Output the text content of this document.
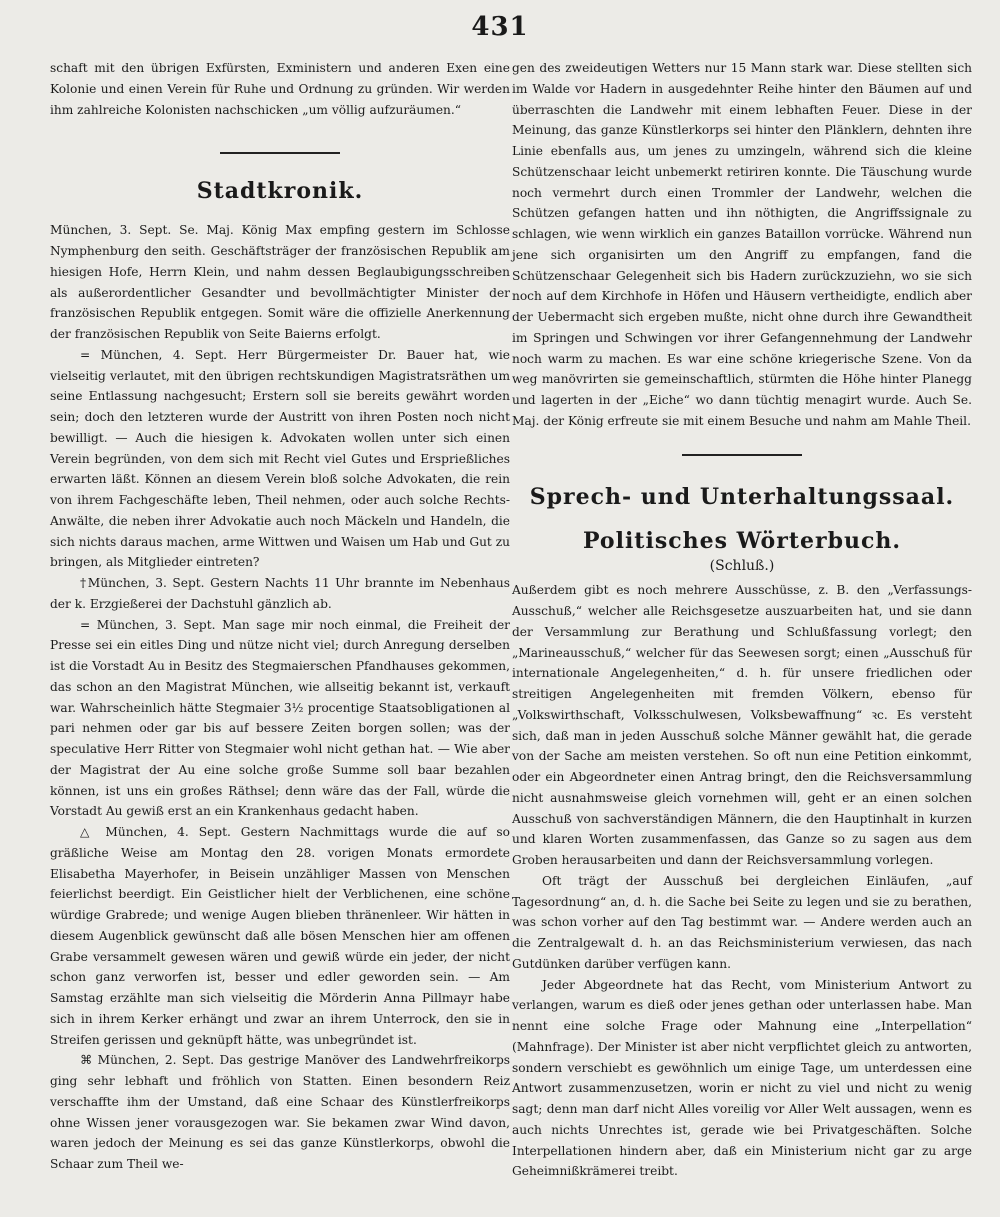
431

schaft mit den übrigen Exfürsten, Exministern und anderen Exen eine Kolonie und einen Verein für Ruhe und Ordnung zu gründen. Wir werden ihm zahlreiche Kolonisten nachschicken „um völlig aufzuräumen.“

Stadtkronik.

München, 3. Sept. Se. Maj. König Max empfing gestern im Schlosse Nymphenburg den seith. Geschäftsträger der französischen Republik am hiesigen Hofe, Herrn Klein, und nahm dessen Beglaubigungsschreiben als außerordentlicher Gesandter und bevollmächtigter Minister der französischen Republik entgegen. Somit wäre die offizielle Anerkennung der französischen Republik von Seite Baierns erfolgt.

= München, 4. Sept. Herr Bürgermeister Dr. Bauer hat, wie vielseitig verlautet, mit den übrigen rechtskundigen Magistratsräthen um seine Entlassung nachgesucht; Erstern soll sie bereits gewährt worden sein; doch den letzteren wurde der Austritt von ihren Posten noch nicht bewilligt. — Auch die hiesigen k. Advokaten wollen unter sich einen Verein begründen, von dem sich mit Recht viel Gutes und Ersprießliches erwarten läßt. Können an diesem Verein bloß solche Advokaten, die rein von ihrem Fachgeschäfte leben, Theil nehmen, oder auch solche Rechts-Anwälte, die neben ihrer Advokatie auch noch Mäckeln und Handeln, die sich nichts daraus machen, arme Wittwen und Waisen um Hab und Gut zu bringen, als Mitglieder eintreten?

†München, 3. Sept. Gestern Nachts 11 Uhr brannte im Nebenhaus der k. Erzgießerei der Dachstuhl gänzlich ab.

= München, 3. Sept. Man sage mir noch einmal, die Freiheit der Presse sei ein eitles Ding und nütze nicht viel; durch Anregung derselben ist die Vorstadt Au in Besitz des Stegmaierschen Pfandhauses gekommen, das schon an den Magistrat München, wie allseitig bekannt ist, verkauft war. Wahrscheinlich hätte Stegmaier 3½ procentige Staatsobligationen al pari nehmen oder gar bis auf bessere Zeiten borgen sollen; was der speculative Herr Ritter von Stegmaier wohl nicht gethan hat. — Wie aber der Magistrat der Au eine solche große Summe soll baar bezahlen können, ist uns ein großes Räthsel; denn wäre das der Fall, würde die Vorstadt Au gewiß erst an ein Krankenhaus gedacht haben.

△ München, 4. Sept. Gestern Nachmittags wurde die auf so gräßliche Weise am Montag den 28. vorigen Monats ermordete Elisabetha Mayerhofer, in Beisein unzähliger Massen von Menschen feierlichst beerdigt. Ein Geistlicher hielt der Verblichenen, eine schöne würdige Grabrede; und wenige Augen blieben thränenleer. Wir hätten in diesem Augenblick gewünscht daß alle bösen Menschen hier am offenen Grabe versammelt gewesen wären und gewiß würde ein jeder, der nicht schon ganz verworfen ist, besser und edler geworden sein. — Am Samstag erzählte man sich vielseitig die Mörderin Anna Pillmayr habe sich in ihrem Kerker erhängt und zwar an ihrem Unterrock, den sie in Streifen gerissen und geknüpft hätte, was unbegründet ist.

⌘ München, 2. Sept. Das gestrige Manöver des Landwehrfreikorps ging sehr lebhaft und fröhlich von Statten. Einen besondern Reiz verschaffte ihm der Umstand, daß eine Schaar des Künstlerfreikorps ohne Wissen jener vorausgezogen war. Sie bekamen zwar Wind davon, waren jedoch der Meinung es sei das ganze Künstlerkorps, obwohl die Schaar zum Theil we-

gen des zweideutigen Wetters nur 15 Mann stark war. Diese stellten sich im Walde vor Hadern in ausgedehnter Reihe hinter den Bäumen auf und überraschten die Landwehr mit einem lebhaften Feuer. Diese in der Meinung, das ganze Künstlerkorps sei hinter den Plänklern, dehnten ihre Linie ebenfalls aus, um jenes zu umzingeln, während sich die kleine Schützenschaar leicht unbemerkt retiriren konnte. Die Täuschung wurde noch vermehrt durch einen Trommler der Landwehr, welchen die Schützen gefangen hatten und ihn nöthigten, die Angriffssignale zu schlagen, wie wenn wirklich ein ganzes Bataillon vorrücke. Während nun jene sich organisirten um den Angriff zu empfangen, fand die Schützenschaar Gelegenheit sich bis Hadern zurückzuziehn, wo sie sich noch auf dem Kirchhofe in Höfen und Häusern vertheidigte, endlich aber der Uebermacht sich ergeben mußte, nicht ohne durch ihre Gewandtheit im Springen und Schwingen vor ihrer Gefangennehmung der Landwehr noch warm zu machen. Es war eine schöne kriegerische Szene. Von da weg manövrirten sie gemeinschaftlich, stürmten die Höhe hinter Planegg und lagerten in der „Eiche“ wo dann tüchtig menagirt wurde. Auch Se. Maj. der König erfreute sie mit einem Besuche und nahm am Mahle Theil.

Sprech- und Unterhaltungssaal.
Politisches Wörterbuch.
(Schluß.)

Außerdem gibt es noch mehrere Ausschüsse, z. B. den „Verfassungs-Ausschuß,“ welcher alle Reichsgesetze auszuarbeiten hat, und sie dann der Versammlung zur Berathung und Schlußfassung vorlegt; den „Marineausschuß,“ welcher für das Seewesen sorgt; einen „Ausschuß für internationale Angelegenheiten,“ d. h. für unsere friedlichen oder streitigen Angelegenheiten mit fremden Völkern, ebenso für „Volkswirthschaft, Volksschulwesen, Volksbewaffnung“ ꝛc. Es versteht sich, daß man in jeden Ausschuß solche Männer gewählt hat, die gerade von der Sache am meisten verstehen. So oft nun eine Petition einkommt, oder ein Abgeordneter einen Antrag bringt, den die Reichsversammlung nicht ausnahmsweise gleich vornehmen will, geht er an einen solchen Ausschuß von sachverständigen Männern, die den Hauptinhalt in kurzen und klaren Worten zusammenfassen, das Ganze so zu sagen aus dem Groben herausarbeiten und dann der Reichsversammlung vorlegen.

Oft trägt der Ausschuß bei dergleichen Einläufen, „auf Tagesordnung“ an, d. h. die Sache bei Seite zu legen und sie zu berathen, was schon vorher auf den Tag bestimmt war. — Andere werden auch an die Zentralgewalt d. h. an das Reichsministerium verwiesen, das nach Gutdünken darüber verfügen kann.

Jeder Abgeordnete hat das Recht, vom Ministerium Antwort zu verlangen, warum es dieß oder jenes gethan oder unterlassen habe. Man nennt eine solche Frage oder Mahnung eine „Interpellation“ (Mahnfrage). Der Minister ist aber nicht verpflichtet gleich zu antworten, sondern verschiebt es gewöhnlich um einige Tage, um unterdessen eine Antwort zusammenzusetzen, worin er nicht zu viel und nicht zu wenig sagt; denn man darf nicht Alles voreilig vor Aller Welt aussagen, wenn es auch nichts Unrechtes ist, gerade wie bei Privatgeschäften. Solche Interpellationen hindern aber, daß ein Ministerium nicht gar zu arge Geheimnißkrämerei treibt.
